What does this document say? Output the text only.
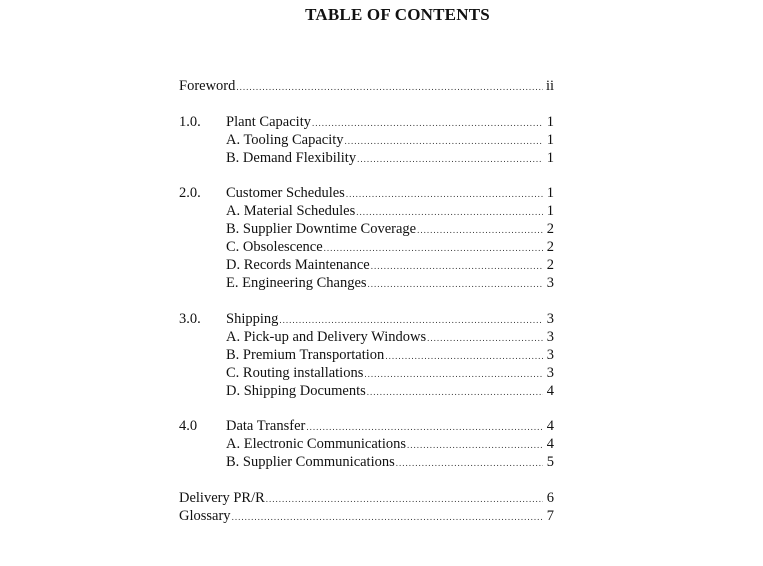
TABLE OF CONTENTS
Foreword .....	ii
1.0.	Plant Capacity .....	1
A. Tooling Capacity .....	1
B. Demand Flexibility .....	1
2.0.	Customer Schedules .....	1
A. Material Schedules .....	1
B. Supplier Downtime Coverage .....	2
C. Obsolescence .....	2
D. Records Maintenance .....	2
E. Engineering Changes .....	3
3.0.	Shipping .....	3
A. Pick-up and Delivery Windows .....	3
B. Premium Transportation .....	3
C. Routing installations .....	3
D. Shipping Documents .....	4
4.0	Data Transfer .....	4
A. Electronic Communications .....	4
B. Supplier Communications .....	5
Delivery PR/R .....	6
Glossary .....	7
